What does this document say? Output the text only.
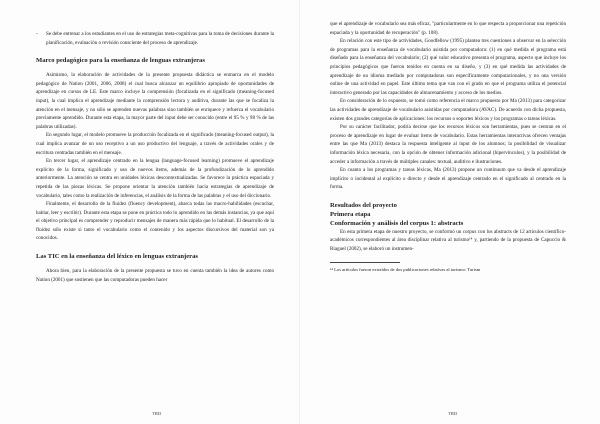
-	Se debe entrenar a los estudiantes en el uso de estrategias meta-cognitivas para la toma de decisiones durante la planificación, evaluación o revisión consciente del proceso de aprendizaje.
Marco pedagógico para la enseñanza de lenguas extranjeras

Asimismo, la elaboración de actividades de la presente propuesta didáctica se enmarca en el modelo pedagógico de Nation (2001, 2006, 2008) el cual busca alcanzar un equilibrio apropiado de oportunidades de aprendizaje en cursos de LE. Este marco incluye la comprensión (focalizada en el significado (meaning-focused input), la cual implica el aprendizaje mediante la comprensión lectora y auditiva, durante las que se focaliza la atención en el mensaje, y no sólo se aprenden nuevas palabras sino también se enriquece y refuerza el vocabulario previamente aprendido. Durante esta etapa, la mayor parte del input debe ser conocido (entre el 95 % y 98 % de las palabras utilizadas).

En segundo lugar, el modelo promueve la producción focalizada en el significado (meaning-focused output), la cual implica avanzar de un uso receptivo a un uso productivo del lenguaje, a través de actividades orales y de escritura centradas también en el mensaje.

En tercer lugar, el aprendizaje centrado en la lengua (language-focused learning) promueve el aprendizaje explícito de la forma, significado y uso de nuevos ítems, además de la profundización de lo aprendido anteriormente. La atención se centra en unidades léxicas descontextualizadas. Se favorece la práctica espaciada y repetida de las piezas léxicas. Se propone orientar la atención también hacia estrategias de aprendizaje de vocabulario, tales como la realización de inferencias, el análisis de la forma de las palabras y el uso del diccionario.

Finalmente, el desarrollo de la fluidez (fluency development), abarca todas las macro-habilidades (escuchar, hablar, leer y escribir). Durante esta etapa se pone en práctica todo lo aprendido en las demás instancias, ya que aquí el objetivo principal es comprender y reproducir mensajes de manera más rápida que lo habitual. El desarrollo de la fluidez sólo existe si tanto el vocabulario como el contenido y los aspectos discursivos del material son ya conocidos.

Las TIC en la enseñanza del léxico en lenguas extranjeras

Ahora bien, para la elaboración de la presente propuesta se tuvo en cuenta también la idea de autores como Nation (2001) que sostienen que las computadoras pueden hacer

TBD

que el aprendizaje de vocabulario sea más eficaz, "particularmente en lo que respecta a proporcionar una repetición espaciada y la oportunidad de recuperación" (p. 108).

En relación con este tipo de actividades, Goodfellow (1995) plantea tres cuestiones a observar en la selección de programas para la enseñanza de vocabulario asistida por computadora: (1) en qué medida el programa está diseñado para la enseñanza del vocabulario; (2) qué valor educativo presenta el programa, aspecto que incluye los principios pedagógicos que fueron tenidos en cuenta en su diseño, y (3) en qué medida las actividades de aprendizaje de un idioma mediado por computadoras son específicamente computacionales, y no una versión online de una actividad en papel. Este último tema que van con el grado en que el programa utiliza el potencial interactivo generado por las capacidades de almacenamiento y acceso de los medios.

En consideración de lo expuesto, se tomó como referencia el marco propuesto por Ma (2013) para categorizar las actividades de aprendizaje de vocabulario asistidas por computadora (AVAC). De acuerdo con dicha propuesta, existen dos grandes categorías de aplicaciones: los recursos o soportes léxicos y los programas o tareas léxicas.

Por su carácter facilitador, podría decirse que los recursos léxicos son herramientas, pues se centran en el proceso de aprendizaje en lugar de evaluar ítems de vocabulario. Estas herramientas interactivas ofrecen ventajas entre las que Ma (2013) destaca la respuesta inteligente al input de los alumnos; la posibilidad de visualizar información léxica necesaria, con la opción de obtener información adicional (hipervínculos), y la posibilidad de acceder a información a través de múltiples canales: textual, auditivo e ilustraciones.

En cuanto a los programas y tareas léxicas, Ma (2013) propone un continuum que va desde el aprendizaje implícito o incidental al explícito o directo y desde el aprendizaje centrado en el significado al centrado en la forma.

Resultados del proyecto
Primera etapa
Conformación y análisis del corpus 1: abstracts

En esta primera etapa de nuestro proyecto, se conformó un corpus con los abstracts de 12 artículos científico-académicos correspondientes al área disciplinar relativa al turismo¹⁴ y, partiendo de la propuesta de Capuccio & Riaguel (2002), se elaboró un instrumen-

¹⁴ Los artículos fueron extraídos de dos publicaciones relativas al turismo: Turism

TBD
